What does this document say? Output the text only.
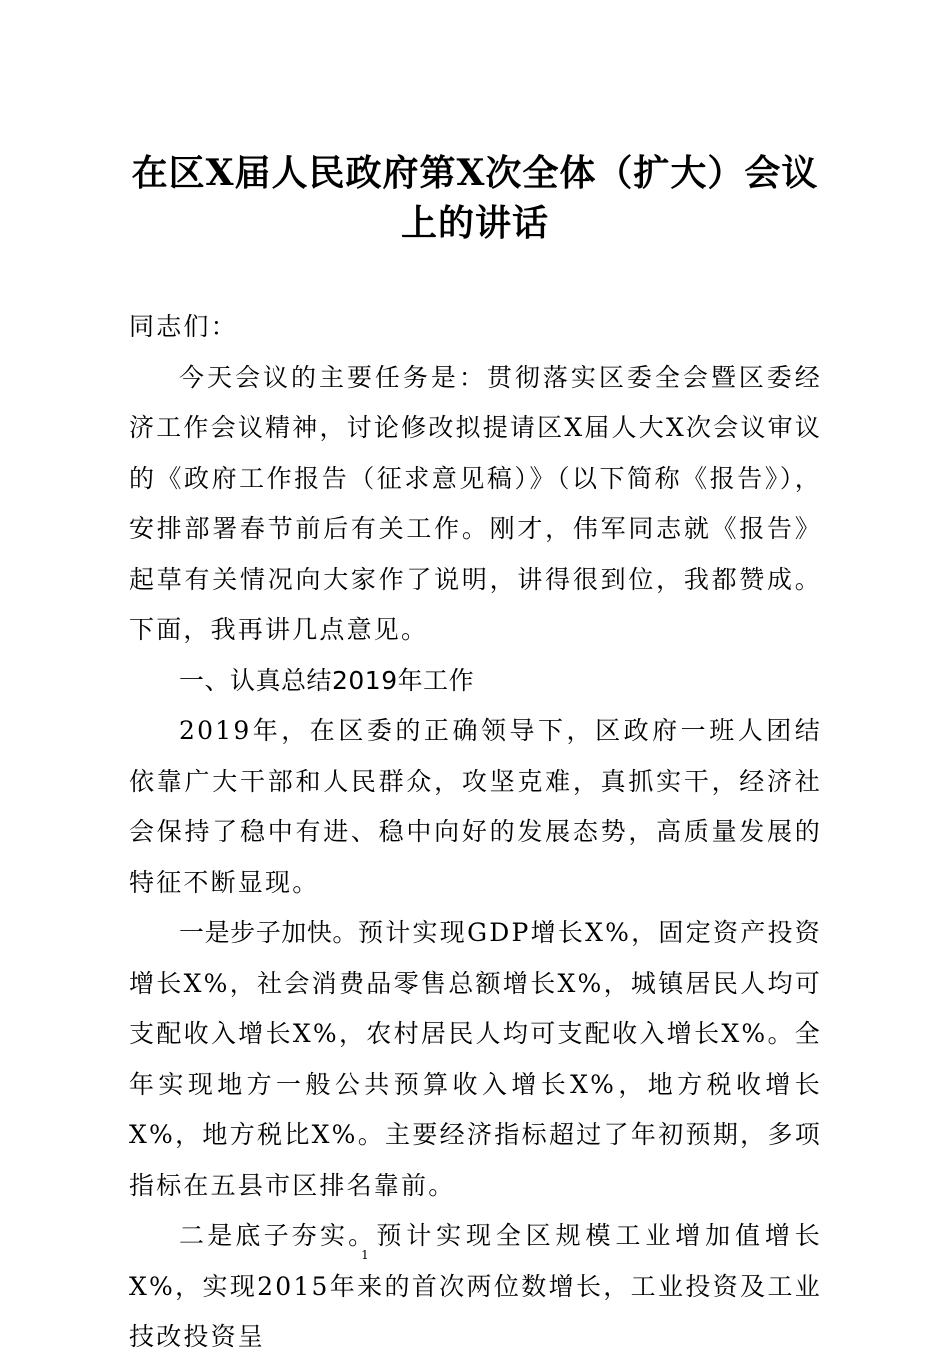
在区X届人民政府第X次全体（扩大）会议
上的讲话

同志们：

今天会议的主要任务是：贯彻落实区委全会暨区委经济工作会议精神，讨论修改拟提请区X届人大X次会议审议的《政府工作报告（征求意见稿）》（以下简称《报告》），安排部署春节前后有关工作。刚才，伟军同志就《报告》起草有关情况向大家作了说明，讲得很到位，我都赞成。下面，我再讲几点意见。

一、认真总结2019年工作

2019年，在区委的正确领导下，区政府一班人团结依靠广大干部和人民群众，攻坚克难，真抓实干，经济社会保持了稳中有进、稳中向好的发展态势，高质量发展的特征不断显现。

一是步子加快。预计实现GDP增长X%，固定资产投资增长X%，社会消费品零售总额增长X%，城镇居民人均可支配收入增长X%，农村居民人均可支配收入增长X%。全年实现地方一般公共预算收入增长X%，地方税收增长X%，地方税比X%。主要经济指标超过了年初预期，多项指标在五县市区排名靠前。

二是底子夯实。预计实现全区规模工业增加值增长X%，实现2015年来的首次两位数增长，工业投资及工业技改投资呈

1
